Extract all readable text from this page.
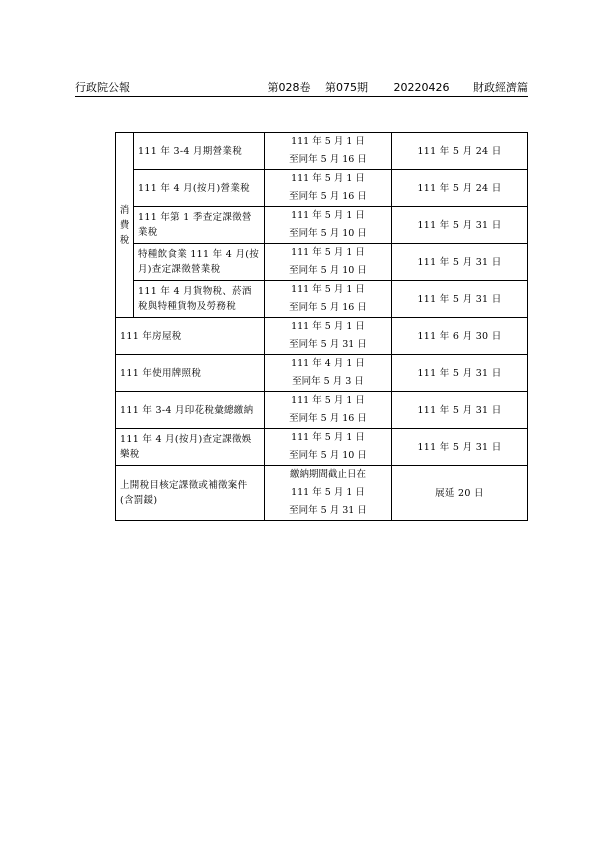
行政院公報	第028卷 第075期 20220426 財政經濟篇
消
費
稅	111 年 3-4 月期營業稅	111 年 5 月 1 日
至同年 5 月 16 日	111 年 5 月 24 日
	111 年 4 月(按月)營業稅	111 年 5 月 1 日
至同年 5 月 16 日	111 年 5 月 24 日
	111 年第 1 季查定課徵營業稅	111 年 5 月 1 日
至同年 5 月 10 日	111 年 5 月 31 日
	特種飲食業 111 年 4 月(按月)查定課徵營業稅	111 年 5 月 1 日
至同年 5 月 10 日	111 年 5 月 31 日
	111 年 4 月貨物稅、菸酒稅與特種貨物及勞務稅	111 年 5 月 1 日
至同年 5 月 16 日	111 年 5 月 31 日
111 年房屋稅		111 年 5 月 1 日
至同年 5 月 31 日	111 年 6 月 30 日
111 年使用牌照稅		111 年 4 月 1 日
至同年 5 月 3 日	111 年 5 月 31 日
111 年 3-4 月印花稅彙總繳納		111 年 5 月 1 日
至同年 5 月 16 日	111 年 5 月 31 日
111 年 4 月(按月)查定課徵娛樂稅		111 年 5 月 1 日
至同年 5 月 10 日	111 年 5 月 31 日
上開稅目核定課徵或補徵案件(含罰鍰)		繳納期間截止日在
111 年 5 月 1 日
至同年 5 月 31 日	展延 20 日
